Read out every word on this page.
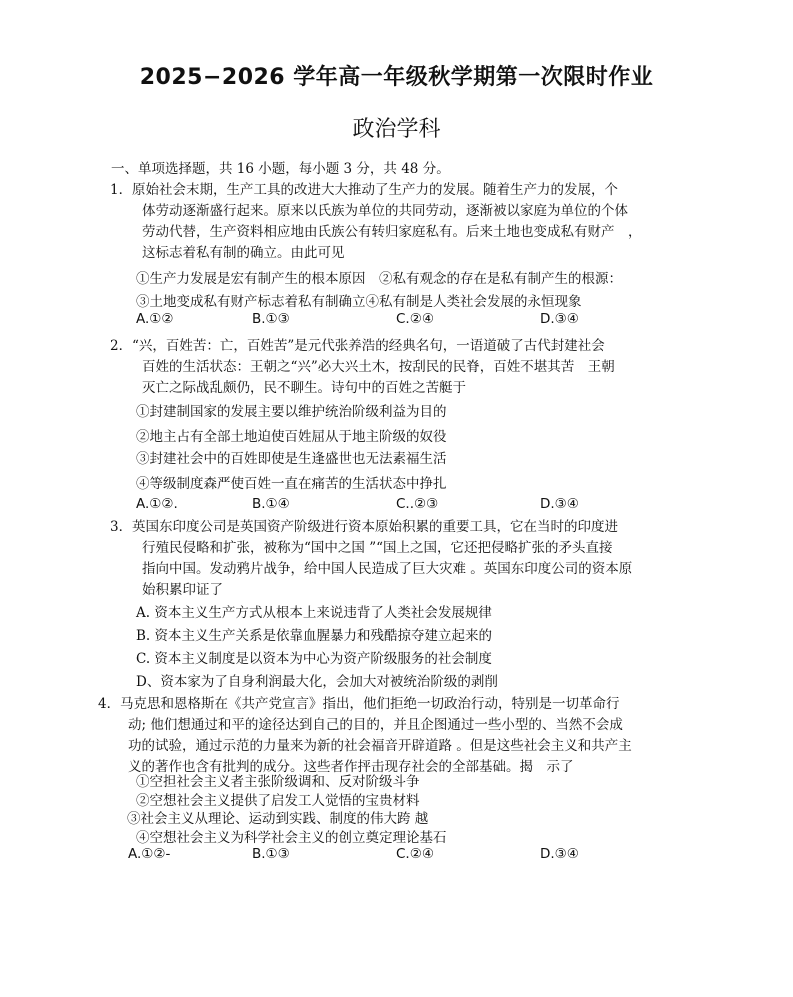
2025−2026 学年高一年级秋学期第一次限时作业
政治学科
一、单项选择题，共 16 小题，每小题 3 分，共 48 分。
1． 原始社会末期，生产工具的改进大大推动了生产力的发展。随着生产力的发展，个
体劳动逐渐盛行起来。原来以氏族为单位的共同劳动，逐渐被以家庭为单位的个体
劳动代替，生产资料相应地由氏族公有转归家庭私有。后来土地也变成私有财产　，
这标志着私有制的确立。由此可见
①生产力发展是宏有制产生的根本原因　②私有观念的存在是私有制产生的根源：
③土地变成私有财产标志着私有制确立④私有制是人类社会发展的永恒现象
A.①②	B.①③	C.②④	D.③④
2． “兴，百姓苦：亡，百姓苦”是元代张养浩的经典名句，一语道破了古代封建社会
百姓的生活状态：王朝之“兴”必大兴土木，按刮民的民脊，百姓不堪其苦　王朝
灭亡之际战乱颇仍，民不聊生。诗句中的百姓之苦艇于
①封建制国家的发展主要以维护统治阶级利益为目的
②地主占有全部土地迫使百姓屈从于地主阶级的奴役
③封建社会中的百姓即使是生逢盛世也无法素福生活
④等级制度森严使百姓一直在痛苦的生活状态中挣扎
A.①②.	B.①④	C..②③	D.③④
3． 英国东印度公司是英国资产阶级进行资本原始积累的重要工具，它在当时的印度进
行殖民侵略和扩张，被称为“国中之国 ”“国上之国，它还把侵略扩张的矛头直接
指向中国。发动鸦片战争，给中国人民造成了巨大灾难 。英国东印度公司的资本原
始积累印证了
A. 资本主义生产方式从根本上来说违背了人类社会发展规律
B. 资本主义生产关系是依靠血腥暴力和残酷掠夺建立起来的
C. 资本主义制度是以资本为中心为资产阶级服务的社会制度
D、资本家为了自身利润最大化，会加大对被统治阶级的剥削
4． 马克思和恩格斯在《共产党宣言》指出，他们拒绝一切政治行动，特别是一切革命行
动; 他们想通过和平的途径达到自己的目的，并且企图通过一些小型的、当然不会成
功的试验，通过示范的力量来为新的社会福音开辟道路 。但是这些社会主义和共产主
义的著作也含有批判的成分。这些者作抨击现存社会的全部基础。揭　示了
①空担社会主义者主张阶级调和、反对阶级斗争
②空想社会主义提供了启发工人觉悟的宝贵材料
③社会主义从理论、运动到实践、制度的伟大跨 越
④空想社会主义为科学社会主义的创立奠定理论基石
A.①②-	B.①③	C.②④	D.③④
